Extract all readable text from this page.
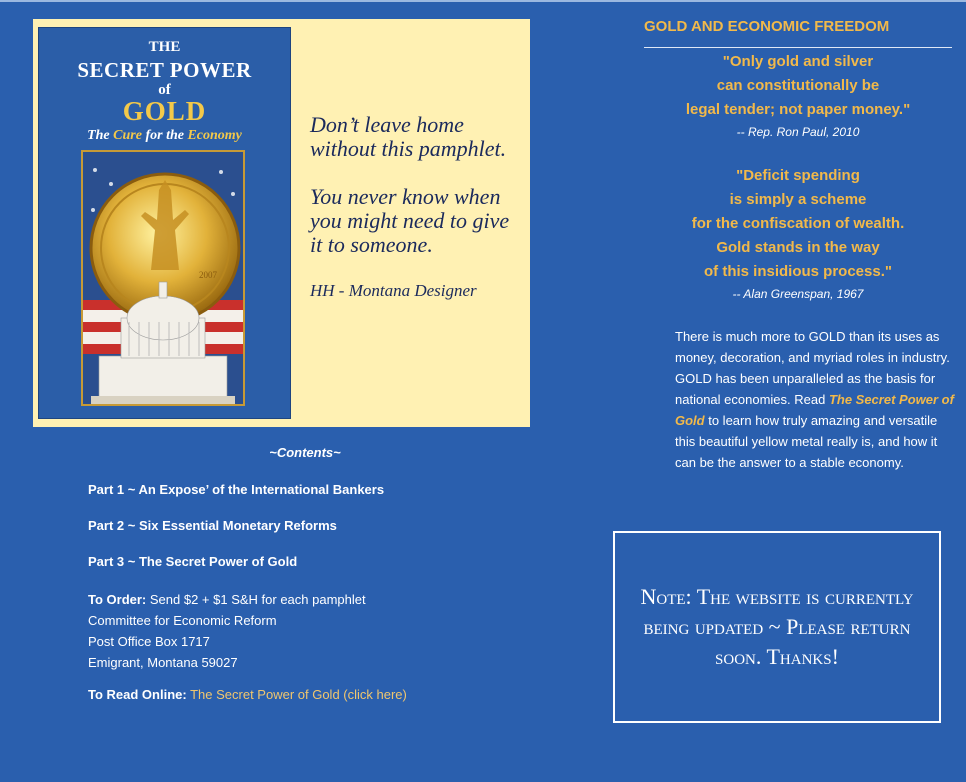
THE
SECRET POWER
of
GOLD
The Cure for the Economy
2007

Don’t leave home without this pamphlet.

You never know when you might need to give it to someone.

HH - Montana Designer

~Contents~
Part 1 ~ An Expose’ of the International Bankers
Part 2 ~ Six Essential Monetary Reforms
Part 3 ~ The Secret Power of Gold
To Order: Send $2 + $1 S&H for each pamphlet
Committee for Economic Reform
Post Office Box 1717
Emigrant, Montana 59027
To Read Online: The Secret Power of Gold (click here)
GOLD AND ECONOMIC FREEDOM
"Only gold and silver
can constitutionally be
legal tender; not paper money."
-- Rep. Ron Paul, 2010
"Deficit spending
is simply a scheme
for the confiscation of wealth.
Gold stands in the way
of this insidious process."
-- Alan Greenspan, 1967
There is much more to GOLD than its uses as money, decoration, and myriad roles in industry. GOLD has been unparalleled as the basis for national economies. Read The Secret Power of Gold to learn how truly amazing and versatile this beautiful yellow metal really is, and how it can be the answer to a stable economy.
Note: The website is currently being updated ~ Please return soon. Thanks!
